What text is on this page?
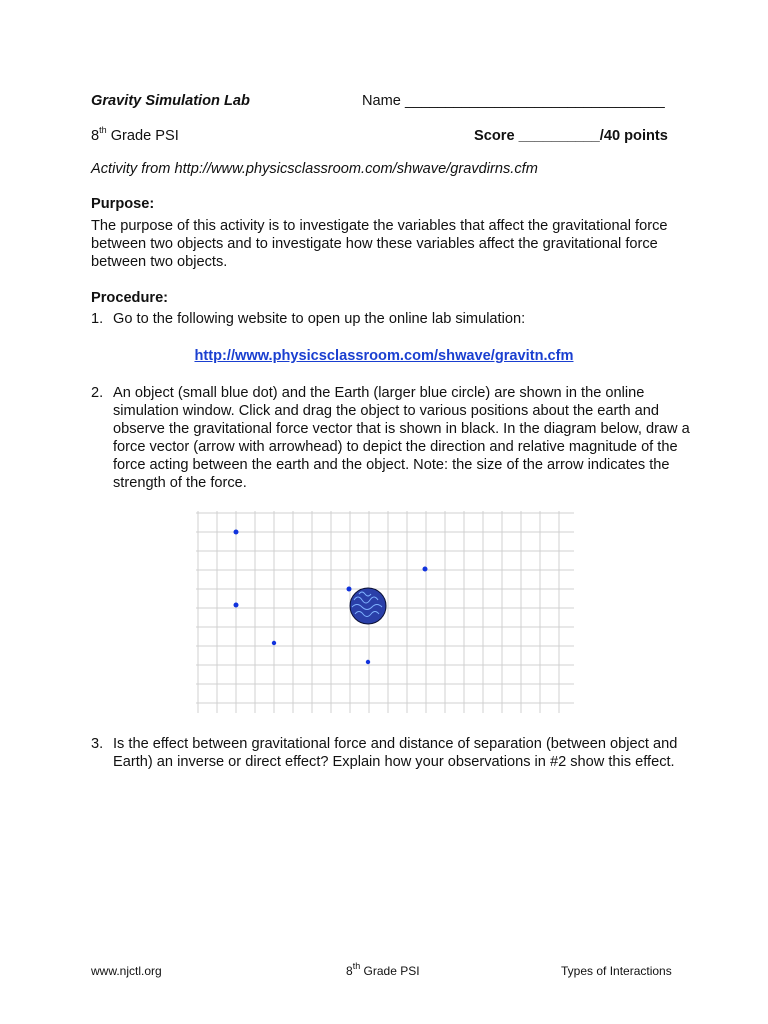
Gravity Simulation Lab	Name ________________________________
8th Grade PSI	Score __________/40 points
Activity from http://www.physicsclassroom.com/shwave/gravdirns.cfm
Purpose:
The purpose of this activity is to investigate the variables that affect the gravitational force between two objects and to investigate how these variables affect the gravitational force between two objects.
Procedure:
1. Go to the following website to open up the online lab simulation:
http://www.physicsclassroom.com/shwave/gravitn.cfm
2. An object (small blue dot) and the Earth (larger blue circle) are shown in the online simulation window. Click and drag the object to various positions about the earth and observe the gravitational force vector that is shown in black. In the diagram below, draw a force vector (arrow with arrowhead) to depict the direction and relative magnitude of the force acting between the earth and the object. Note: the size of the arrow indicates the strength of the force.
3. Is the effect between gravitational force and distance of separation (between object and Earth) an inverse or direct effect? Explain how your observations in #2 show this effect.
www.njctl.org	8th Grade PSI	Types of Interactions
